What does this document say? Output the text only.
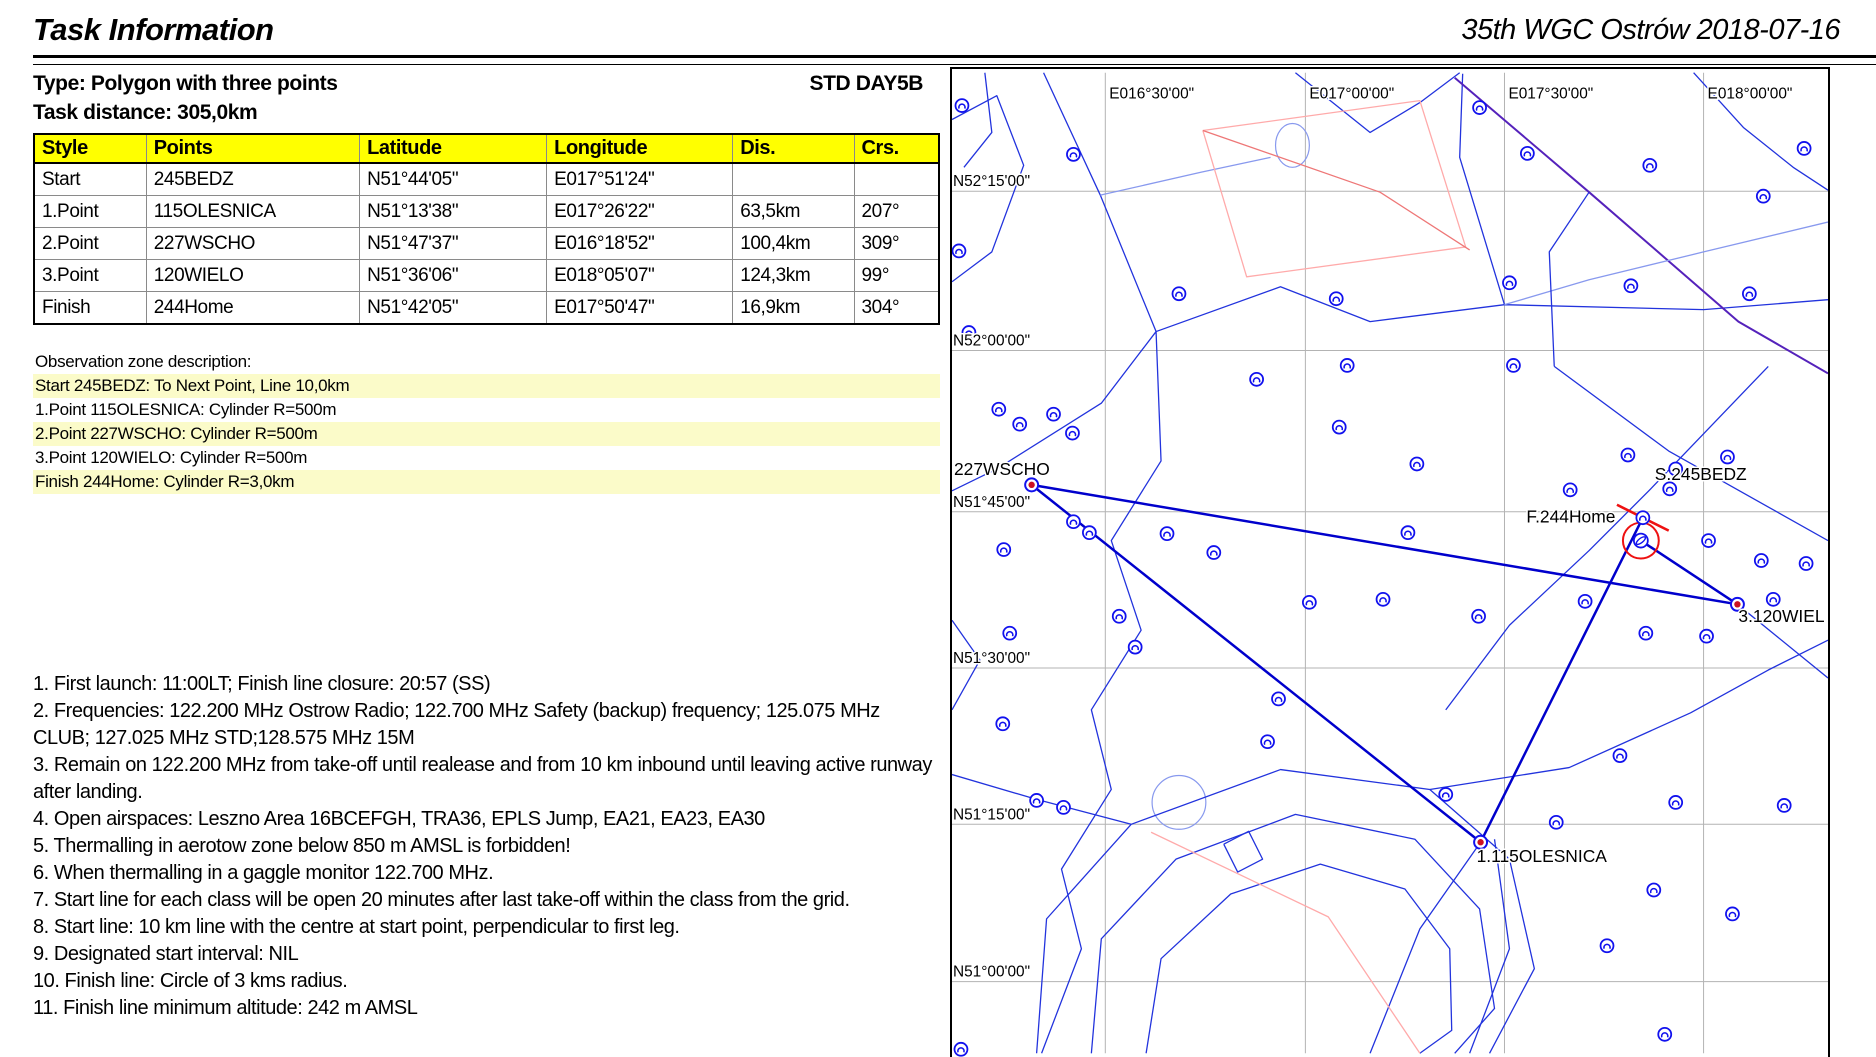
Task Information	35th WGC Ostrów 2018-07-16
Type: Polygon with three points	STD DAY5B
Task distance: 305,0km
Style	Points	Latitude	Longitude	Dis.	Crs.
Start	245BEDZ	N51°44'05"	E017°51'24"		
1.Point	115OLESNICA	N51°13'38"	E017°26'22"	63,5km	207°
2.Point	227WSCHO	N51°47'37"	E016°18'52"	100,4km	309°
3.Point	120WIELO	N51°36'06"	E018°05'07"	124,3km	99°
Finish	244Home	N51°42'05"	E017°50'47"	16,9km	304°
Observation zone description:
Start 245BEDZ: To Next Point, Line 10,0km
1.Point 115OLESNICA: Cylinder R=500m
2.Point 227WSCHO: Cylinder R=500m
3.Point 120WIELO: Cylinder R=500m
Finish 244Home: Cylinder R=3,0km
1. First launch: 11:00LT; Finish line closure: 20:57 (SS)
2. Frequencies: 122.200 MHz Ostrow Radio; 122.700 MHz Safety (backup) frequency; 125.075 MHz CLUB; 127.025 MHz STD;128.575 MHz 15M
3. Remain on 122.200 MHz from take-off until realease and from 10 km inbound until leaving active runway after landing.
4. Open airspaces: Leszno Area 16BCEFGH, TRA36, EPLS Jump, EA21, EA23, EA30
5. Thermalling in aerotow zone below 850 m AMSL is forbidden!
6. When thermalling in a gaggle monitor 122.700 MHz.
7. Start line for each class will be open 20 minutes after last take-off within the class from the grid.
8. Start line: 10 km line with the centre at start point, perpendicular to first leg.
9. Designated start interval: NIL
10. Finish line: Circle of 3 kms radius.
11. Finish line minimum altitude: 242 m AMSL
E016°30'00"	E017°00'00"	E017°30'00"	E018°00'00"
N52°15'00"
N52°00'00"
N51°45'00"
N51°30'00"
N51°15'00"
N51°00'00"
227WSCHO	S.245BEDZ
F.244Home
3.120WIEL
1.115OLESNICA
